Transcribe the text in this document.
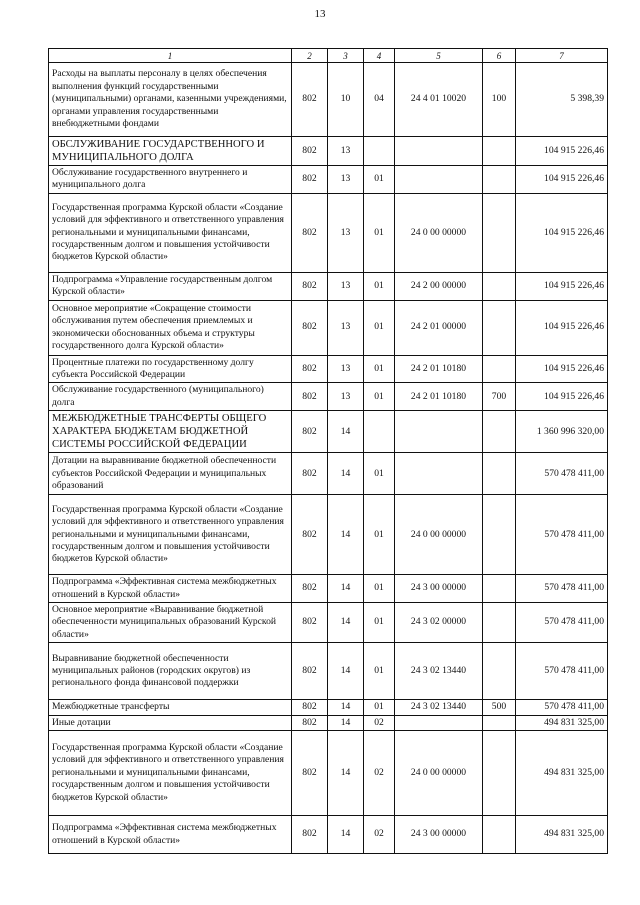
13
1	2	3	4	5	6	7
Расходы на выплаты персоналу в целях обеспечения выполнения функций государственными (муниципальными) органами, казенными учреждениями, органами управления государственными внебюджетными фондами	802	10	04	24 4 01 10020	100	5 398,39
ОБСЛУЖИВАНИЕ ГОСУДАРСТВЕННОГО И МУНИЦИПАЛЬНОГО ДОЛГА	802	13				104 915 226,46
Обслуживание государственного внутреннего и муниципального долга	802	13	01			104 915 226,46
Государственная программа Курской области «Создание условий для эффективного и ответственного управления региональными и муниципальными финансами, государственным долгом и повышения устойчивости бюджетов Курской области»	802	13	01	24 0 00 00000		104 915 226,46
Подпрограмма «Управление государственным долгом Курской области»	802	13	01	24 2 00 00000		104 915 226,46
Основное мероприятие «Сокращение стоимости обслуживания путем обеспечения приемлемых и экономически обоснованных объема и структуры государственного долга Курской области»	802	13	01	24 2 01 00000		104 915 226,46
Процентные платежи по государственному долгу субъекта Российской Федерации	802	13	01	24 2 01 10180		104 915 226,46
Обслуживание государственного (муниципального) долга	802	13	01	24 2 01 10180	700	104 915 226,46
МЕЖБЮДЖЕТНЫЕ ТРАНСФЕРТЫ ОБЩЕГО ХАРАКТЕРА БЮДЖЕТАМ БЮДЖЕТНОЙ СИСТЕМЫ РОССИЙСКОЙ ФЕДЕРАЦИИ	802	14				1 360 996 320,00
Дотации на выравнивание бюджетной обеспеченности субъектов Российской Федерации и муниципальных образований	802	14	01			570 478 411,00
Государственная программа Курской области «Создание условий для эффективного и ответственного управления региональными и муниципальными финансами, государственным долгом и повышения устойчивости бюджетов Курской области»	802	14	01	24 0 00 00000		570 478 411,00
Подпрограмма «Эффективная система межбюджетных отношений в Курской области»	802	14	01	24 3 00 00000		570 478 411,00
Основное мероприятие «Выравнивание бюджетной обеспеченности муниципальных образований Курской области»	802	14	01	24 3 02 00000		570 478 411,00
Выравнивание бюджетной обеспеченности муниципальных районов (городских округов) из регионального фонда финансовой поддержки	802	14	01	24 3 02 13440		570 478 411,00
Межбюджетные трансферты	802	14	01	24 3 02 13440	500	570 478 411,00
Иные дотации	802	14	02			494 831 325,00
Государственная программа Курской области «Создание условий для эффективного и ответственного управления региональными и муниципальными финансами, государственным долгом и повышения устойчивости бюджетов Курской области»	802	14	02	24 0 00 00000		494 831 325,00
Подпрограмма «Эффективная система межбюджетных отношений в Курской области»	802	14	02	24 3 00 00000		494 831 325,00
